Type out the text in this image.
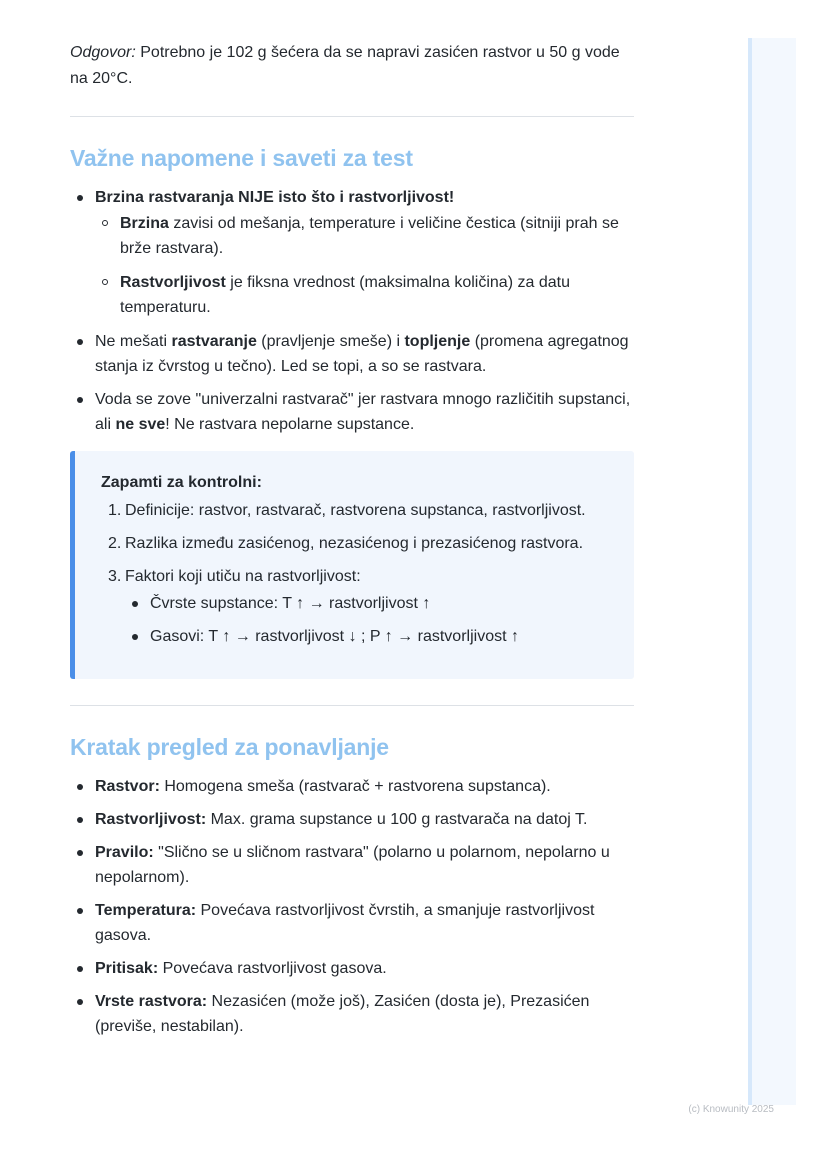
Odgovor: Potrebno je 102 g šećera da se napravi zasićen rastvor u 50 g vode na 20°C.

Važne napomene i saveti za test
Brzina rastvaranja NIJE isto što i rastvorljivost!
Brzina zavisi od mešanja, temperature i veličine čestica (sitniji prah se brže rastvara).
Rastvorljivost je fiksna vrednost (maksimalna količina) za datu temperaturu.
Ne mešati rastvaranje (pravljenje smeše) i topljenje (promena agregatnog stanja iz čvrstog u tečno). Led se topi, a so se rastvara.
Voda se zove "univerzalni rastvarač" jer rastvara mnogo različitih supstanci, ali ne sve! Ne rastvara nepolarne supstance.
Zapamti za kontrolni:
1. Definicije: rastvor, rastvarač, rastvorena supstanca, rastvorljivost.
2. Razlika između zasićenog, nezasićenog i prezasićenog rastvora.
3. Faktori koji utiču na rastvorljivost:
Čvrste supstance: T ↑ → rastvorljivost ↑
Gasovi: T ↑ → rastvorljivost ↓ ; P ↑ → rastvorljivost ↑
Kratak pregled za ponavljanje
Rastvor: Homogena smeša (rastvarač + rastvorena supstanca).
Rastvorljivost: Max. grama supstance u 100 g rastvarača na datoj T.
Pravilo: "Slično se u sličnom rastvara" (polarno u polarnom, nepolarno u nepolarnom).
Temperatura: Povećava rastvorljivost čvrstih, a smanjuje rastvorljivost gasova.
Pritisak: Povećava rastvorljivost gasova.
Vrste rastvora: Nezasićen (može još), Zasićen (dosta je), Prezasićen (previše, nestabilan).
(c) Knowunity 2025
